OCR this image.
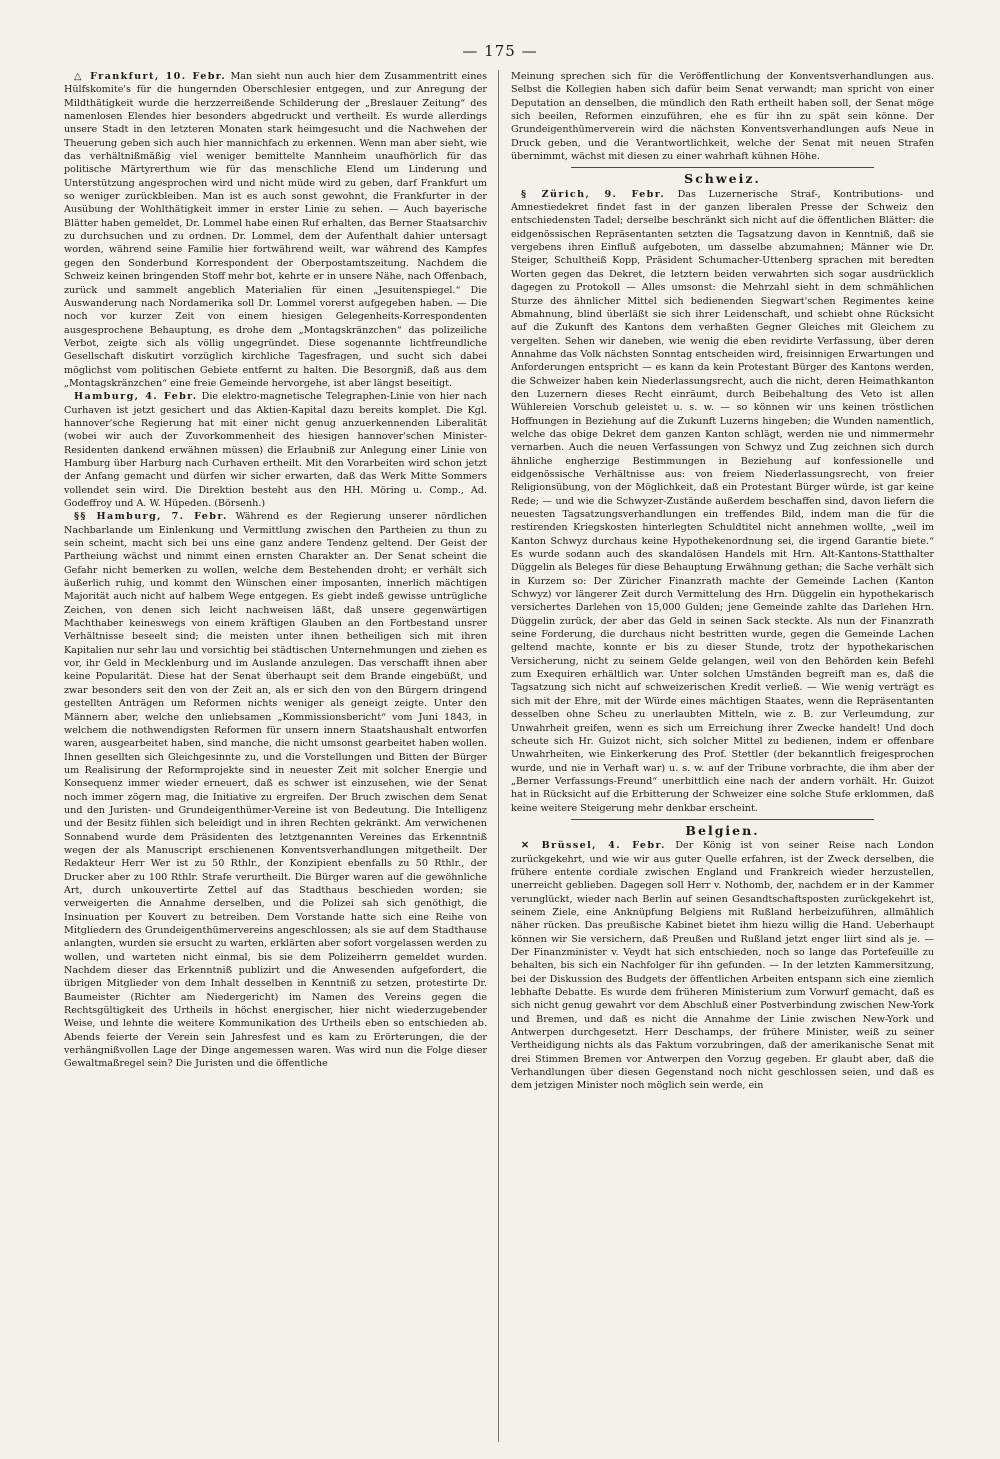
— 175 —

△ Frankfurt, 10. Febr. Man sieht nun auch hier dem Zusammentritt eines Hülfskomite's für die hungernden Oberschlesier entgegen, und zur Anregung der Mildthätigkeit wurde die herzzerreißende Schilderung der „Breslauer Zeitung“ des namenlosen Elendes hier besonders abgedruckt und vertheilt. Es wurde allerdings unsere Stadt in den letzteren Monaten stark heimgesucht und die Nachwehen der Theuerung geben sich auch hier mannichfach zu erkennen. Wenn man aber sieht, wie das verhältnißmäßig viel weniger bemittelte Mannheim unaufhörlich für das politische Märtyrerthum wie für das menschliche Elend um Linderung und Unterstützung angesprochen wird und nicht müde wird zu geben, darf Frankfurt um so weniger zurückbleiben. Man ist es auch sonst gewohnt, die Frankfurter in der Ausübung der Wohlthätigkeit immer in erster Linie zu sehen. — Auch bayerische Blätter haben gemeldet, Dr. Lommel habe einen Ruf erhalten, das Berner Staatsarchiv zu durchsuchen und zu ordnen. Dr. Lommel, dem der Aufenthalt dahier untersagt worden, während seine Familie hier fortwährend weilt, war während des Kampfes gegen den Sonderbund Korrespondent der Oberpostamtszeitung. Nachdem die Schweiz keinen bringenden Stoff mehr bot, kehrte er in unsere Nähe, nach Offenbach, zurück und sammelt angeblich Materialien für einen „Jesuitenspiegel.“ Die Auswanderung nach Nordamerika soll Dr. Lommel vorerst aufgegeben haben. — Die noch vor kurzer Zeit von einem hiesigen Gelegenheits-Korrespondenten ausgesprochene Behauptung, es drohe dem „Montagskränzchen“ das polizeiliche Verbot, zeigte sich als völlig ungegründet. Diese sogenannte lichtfreundliche Gesellschaft diskutirt vorzüglich kirchliche Tagesfragen, und sucht sich dabei möglichst vom politischen Gebiete entfernt zu halten. Die Besorgniß, daß aus dem „Montagskränzchen“ eine freie Gemeinde hervorgehe, ist aber längst beseitigt.

Hamburg, 4. Febr. Die elektro-magnetische Telegraphen-Linie von hier nach Curhaven ist jetzt gesichert und das Aktien-Kapital dazu bereits komplet. Die Kgl. hannover'sche Regierung hat mit einer nicht genug anzuerkennenden Liberalität (wobei wir auch der Zuvorkommenheit des hiesigen hannover'schen Minister-Residenten dankend erwähnen müssen) die Erlaubniß zur Anlegung einer Linie von Hamburg über Harburg nach Curhaven ertheilt. Mit den Vorarbeiten wird schon jetzt der Anfang gemacht und dürfen wir sicher erwarten, daß das Werk Mitte Sommers vollendet sein wird. Die Direktion besteht aus den HH. Möring u. Comp., Ad. Godeffroy und A. W. Hüpeden. (Börsenh.)

§§ Hamburg, 7. Febr. Während es der Regierung unserer nördlichen Nachbarlande um Einlenkung und Vermittlung zwischen den Partheien zu thun zu sein scheint, macht sich bei uns eine ganz andere Tendenz geltend. Der Geist der Partheiung wächst und nimmt einen ernsten Charakter an. Der Senat scheint die Gefahr nicht bemerken zu wollen, welche dem Bestehenden droht; er verhält sich äußerlich ruhig, und kommt den Wünschen einer imposanten, innerlich mächtigen Majorität auch nicht auf halbem Wege entgegen. Es giebt indeß gewisse untrügliche Zeichen, von denen sich leicht nachweisen läßt, daß unsere gegenwärtigen Machthaber keineswegs von einem kräftigen Glauben an den Fortbestand unsrer Verhältnisse beseelt sind; die meisten unter ihnen betheiligen sich mit ihren Kapitalien nur sehr lau und vorsichtig bei städtischen Unternehmungen und ziehen es vor, ihr Geld in Mecklenburg und im Auslande anzulegen. Das verschafft ihnen aber keine Popularität. Diese hat der Senat überhaupt seit dem Brande eingebüßt, und zwar besonders seit den von der Zeit an, als er sich den von den Bürgern dringend gestellten Anträgen um Reformen nichts weniger als geneigt zeigte. Unter den Männern aber, welche den unliebsamen „Kommissionsbericht“ vom Juni 1843, in welchem die nothwendigsten Reformen für unsern innern Staatshaushalt entworfen waren, ausgearbeitet haben, sind manche, die nicht umsonst gearbeitet haben wollen. Ihnen gesellten sich Gleichgesinnte zu, und die Vorstellungen und Bitten der Bürger um Realisirung der Reformprojekte sind in neuester Zeit mit solcher Energie und Konsequenz immer wieder erneuert, daß es schwer ist einzusehen, wie der Senat noch immer zögern mag, die Initiative zu ergreifen. Der Bruch zwischen dem Senat und den Juristen- und Grundeigenthümer-Vereine ist von Bedeutung. Die Intelligenz und der Besitz fühlen sich beleidigt und in ihren Rechten gekränkt. Am verwichenen Sonnabend wurde dem Präsidenten des letztgenannten Vereines das Erkenntniß wegen der als Manuscript erschienenen Konventsverhandlungen mitgetheilt. Der Redakteur Herr Wer ist zu 50 Rthlr., der Konzipient ebenfalls zu 50 Rthlr., der Drucker aber zu 100 Rthlr. Strafe verurtheilt. Die Bürger waren auf die gewöhnliche Art, durch unkouvertirte Zettel auf das Stadthaus beschieden worden; sie verweigerten die Annahme derselben, und die Polizei sah sich genöthigt, die Insinuation per Kouvert zu betreiben. Dem Vorstande hatte sich eine Reihe von Mitgliedern des Grundeigenthümervereins angeschlossen; als sie auf dem Stadthause anlangten, wurden sie ersucht zu warten, erklärten aber sofort vorgelassen werden zu wollen, und warteten nicht einmal, bis sie dem Polizeiherrn gemeldet wurden. Nachdem dieser das Erkenntniß publizirt und die Anwesenden aufgefordert, die übrigen Mitglieder von dem Inhalt desselben in Kenntniß zu setzen, protestirte Dr. Baumeister (Richter am Niedergericht) im Namen des Vereins gegen die Rechtsgültigkeit des Urtheils in höchst energischer, hier nicht wiederzugebender Weise, und lehnte die weitere Kommunikation des Urtheils eben so entschieden ab. Abends feierte der Verein sein Jahresfest und es kam zu Erörterungen, die der verhängnißvollen Lage der Dinge angemessen waren. Was wird nun die Folge dieser Gewaltmaßregel sein? Die Juristen und die öffentliche

Meinung sprechen sich für die Veröffentlichung der Konventsverhandlungen aus. Selbst die Kollegien haben sich dafür beim Senat verwandt; man spricht von einer Deputation an denselben, die mündlich den Rath ertheilt haben soll, der Senat möge sich beeilen, Reformen einzuführen, ehe es für ihn zu spät sein könne. Der Grundeigenthümerverein wird die nächsten Konventsverhandlungen aufs Neue in Druck geben, und die Verantwortlichkeit, welche der Senat mit neuen Strafen übernimmt, wächst mit diesen zu einer wahrhaft kühnen Höhe.

Schweiz.

§ Zürich, 9. Febr. Das Luzernerische Straf-, Kontributions- und Amnestiedekret findet fast in der ganzen liberalen Presse der Schweiz den entschiedensten Tadel; derselbe beschränkt sich nicht auf die öffentlichen Blätter: die eidgenössischen Repräsentanten setzten die Tagsatzung davon in Kenntniß, daß sie vergebens ihren Einfluß aufgeboten, um dasselbe abzumahnen; Männer wie Dr. Steiger, Schultheiß Kopp, Präsident Schumacher-Uttenberg sprachen mit beredten Worten gegen das Dekret, die letztern beiden verwahrten sich sogar ausdrücklich dagegen zu Protokoll — Alles umsonst: die Mehrzahl sieht in dem schmählichen Sturze des ähnlicher Mittel sich bedienenden Siegwart'schen Regimentes keine Abmahnung, blind überläßt sie sich ihrer Leidenschaft, und schiebt ohne Rücksicht auf die Zukunft des Kantons dem verhaßten Gegner Gleiches mit Gleichem zu vergelten. Sehen wir daneben, wie wenig die eben revidirte Verfassung, über deren Annahme das Volk nächsten Sonntag entscheiden wird, freisinnigen Erwartungen und Anforderungen entspricht — es kann da kein Protestant Bürger des Kantons werden, die Schweizer haben kein Niederlassungsrecht, auch die nicht, deren Heimathkanton den Luzernern dieses Recht einräumt, durch Beibehaltung des Veto ist allen Wühlereien Vorschub geleistet u. s. w. — so können wir uns keinen tröstlichen Hoffnungen in Beziehung auf die Zukunft Luzerns hingeben; die Wunden namentlich, welche das obige Dekret dem ganzen Kanton schlägt, werden nie und nimmermehr vernarben. Auch die neuen Verfassungen von Schwyz und Zug zeichnen sich durch ähnliche engherzige Bestimmungen in Beziehung auf konfessionelle und eidgenössische Verhältnisse aus: von freiem Niederlassungsrecht, von freier Religionsübung, von der Möglichkeit, daß ein Protestant Bürger würde, ist gar keine Rede; — und wie die Schwyzer-Zustände außerdem beschaffen sind, davon liefern die neuesten Tagsatzungsverhandlungen ein treffendes Bild, indem man die für die restirenden Kriegskosten hinterlegten Schuldtitel nicht annehmen wollte, „weil im Kanton Schwyz durchaus keine Hypothekenordnung sei, die irgend Garantie biete.“ Es wurde sodann auch des skandalösen Handels mit Hrn. Alt-Kantons-Statthalter Düggelin als Beleges für diese Behauptung Erwähnung gethan; die Sache verhält sich in Kurzem so: Der Züricher Finanzrath machte der Gemeinde Lachen (Kanton Schwyz) vor längerer Zeit durch Vermittelung des Hrn. Düggelin ein hypothekarisch versichertes Darlehen von 15,000 Gulden; jene Gemeinde zahlte das Darlehen Hrn. Düggelin zurück, der aber das Geld in seinen Sack steckte. Als nun der Finanzrath seine Forderung, die durchaus nicht bestritten wurde, gegen die Gemeinde Lachen geltend machte, konnte er bis zu dieser Stunde, trotz der hypothekarischen Versicherung, nicht zu seinem Gelde gelangen, weil von den Behörden kein Befehl zum Exequiren erhältlich war. Unter solchen Umständen begreift man es, daß die Tagsatzung sich nicht auf schweizerischen Kredit verließ. — Wie wenig verträgt es sich mit der Ehre, mit der Würde eines mächtigen Staates, wenn die Repräsentanten desselben ohne Scheu zu unerlaubten Mitteln, wie z. B. zur Verleumdung, zur Unwahrheit greifen, wenn es sich um Erreichung ihrer Zwecke handelt! Und doch scheute sich Hr. Guizot nicht, sich solcher Mittel zu bedienen, indem er offenbare Unwahrheiten, wie Einkerkerung des Prof. Stettler (der bekanntlich freigesprochen wurde, und nie in Verhaft war) u. s. w. auf der Tribune vorbrachte, die ihm aber der „Berner Verfassungs-Freund“ unerbittlich eine nach der andern vorhält. Hr. Guizot hat in Rücksicht auf die Erbitterung der Schweizer eine solche Stufe erklommen, daß keine weitere Steigerung mehr denkbar erscheint.

Belgien.

✕ Brüssel, 4. Febr. Der König ist von seiner Reise nach London zurückgekehrt, und wie wir aus guter Quelle erfahren, ist der Zweck derselben, die frühere entente cordiale zwischen England und Frankreich wieder herzustellen, unerreicht geblieben. Dagegen soll Herr v. Nothomb, der, nachdem er in der Kammer verunglückt, wieder nach Berlin auf seinen Gesandtschaftsposten zurückgekehrt ist, seinem Ziele, eine Anknüpfung Belgiens mit Rußland herbeizuführen, allmählich näher rücken. Das preußische Kabinet bietet ihm hiezu willig die Hand. Ueberhaupt können wir Sie versichern, daß Preußen und Rußland jetzt enger liirt sind als je. — Der Finanzminister v. Veydt hat sich entschieden, noch so lange das Portefeuille zu behalten, bis sich ein Nachfolger für ihn gefunden. — In der letzten Kammersitzung, bei der Diskussion des Budgets der öffentlichen Arbeiten entspann sich eine ziemlich lebhafte Debatte. Es wurde dem früheren Ministerium zum Vorwurf gemacht, daß es sich nicht genug gewahrt vor dem Abschluß einer Postverbindung zwischen New-York und Bremen, und daß es nicht die Annahme der Linie zwischen New-York und Antwerpen durchgesetzt. Herr Deschamps, der frühere Minister, weiß zu seiner Vertheidigung nichts als das Faktum vorzubringen, daß der amerikanische Senat mit drei Stimmen Bremen vor Antwerpen den Vorzug gegeben. Er glaubt aber, daß die Verhandlungen über diesen Gegenstand noch nicht geschlossen seien, und daß es dem jetzigen Minister noch möglich sein werde, ein
